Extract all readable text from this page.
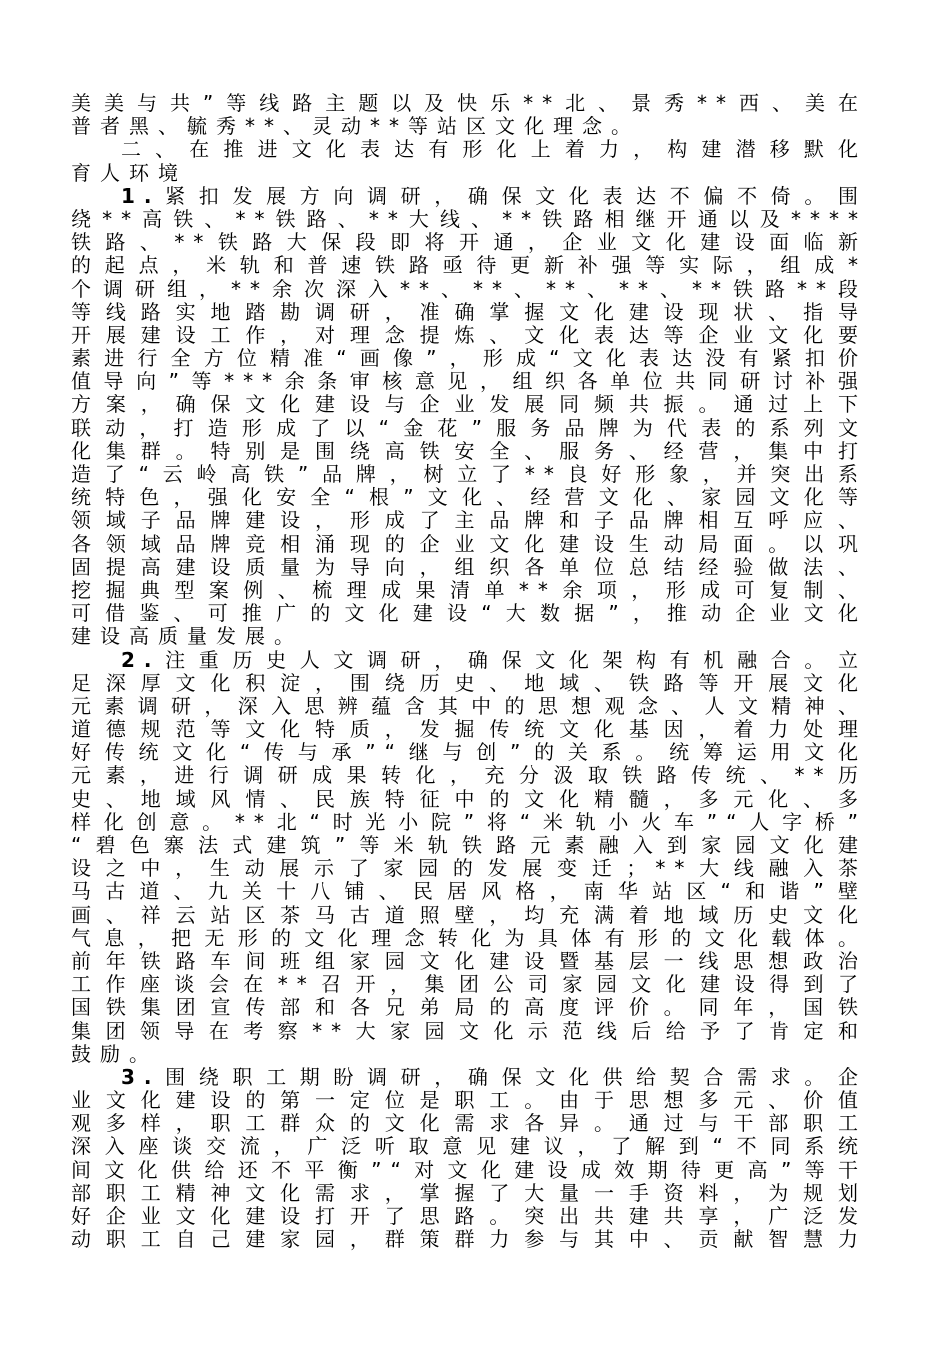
美美与共”等线路主题以及快乐**北、景秀**西、美在
普者黑、毓秀**、灵动**等站区文化理念。
二、在推进文化表达有形化上着力，构建潜移默化
育人环境
1.紧扣发展方向调研，确保文化表达不偏不倚。围
绕**高铁、**铁路、**大线、**铁路相继开通以及****
铁路、**铁路大保段即将开通，企业文化建设面临新
的起点，米轨和普速铁路亟待更新补强等实际，组成*
个调研组，**余次深入**、**、**、**、**铁路**段
等线路实地踏勘调研，准确掌握文化建设现状、指导
开展建设工作，对理念提炼、文化表达等企业文化要
素进行全方位精准“画像”，形成“文化表达没有紧扣价
值导向”等***余条审核意见，组织各单位共同研讨补强
方案，确保文化建设与企业发展同频共振。通过上下
联动，打造形成了以“金花”服务品牌为代表的系列文
化集群。特别是围绕高铁安全、服务、经营，集中打
造了“云岭高铁”品牌，树立了**良好形象，并突出系
统特色，强化安全“根”文化、经营文化、家园文化等
领域子品牌建设，形成了主品牌和子品牌相互呼应、
各领域品牌竞相涌现的企业文化建设生动局面。以巩
固提高建设质量为导向，组织各单位总结经验做法、
挖掘典型案例、梳理成果清单**余项，形成可复制、
可借鉴、可推广的文化建设“大数据”，推动企业文化
建设高质量发展。
2.注重历史人文调研，确保文化架构有机融合。立
足深厚文化积淀，围绕历史、地域、铁路等开展文化
元素调研，深入思辨蕴含其中的思想观念、人文精神、
道德规范等文化特质，发掘传统文化基因，着力处理
好传统文化“传与承”“继与创”的关系。统筹运用文化
元素，进行调研成果转化，充分汲取铁路传统、**历
史、地域风情、民族特征中的文化精髓，多元化、多
样化创意。**北“时光小院”将“米轨小火车”“人字桥”
“碧色寨法式建筑”等米轨铁路元素融入到家园文化建
设之中，生动展示了家园的发展变迁；**大线融入茶
马古道、九关十八铺、民居风格，南华站区“和谐”壁
画、祥云站区茶马古道照壁，均充满着地域历史文化
气息，把无形的文化理念转化为具体有形的文化载体。
前年铁路车间班组家园文化建设暨基层一线思想政治
工作座谈会在**召开，集团公司家园文化建设得到了
国铁集团宣传部和各兄弟局的高度评价。同年，国铁
集团领导在考察**大家园文化示范线后给予了肯定和
鼓励。
3.围绕职工期盼调研，确保文化供给契合需求。企
业文化建设的第一定位是职工。由于思想多元、价值
观多样，职工群众的文化需求各异。通过与干部职工
深入座谈交流，广泛听取意见建议，了解到“不同系统
间文化供给还不平衡”“对文化建设成效期待更高”等干
部职工精神文化需求，掌握了大量一手资料，为规划
好企业文化建设打开了思路。突出共建共享，广泛发
动职工自己建家园，群策群力参与其中、贡献智慧力
